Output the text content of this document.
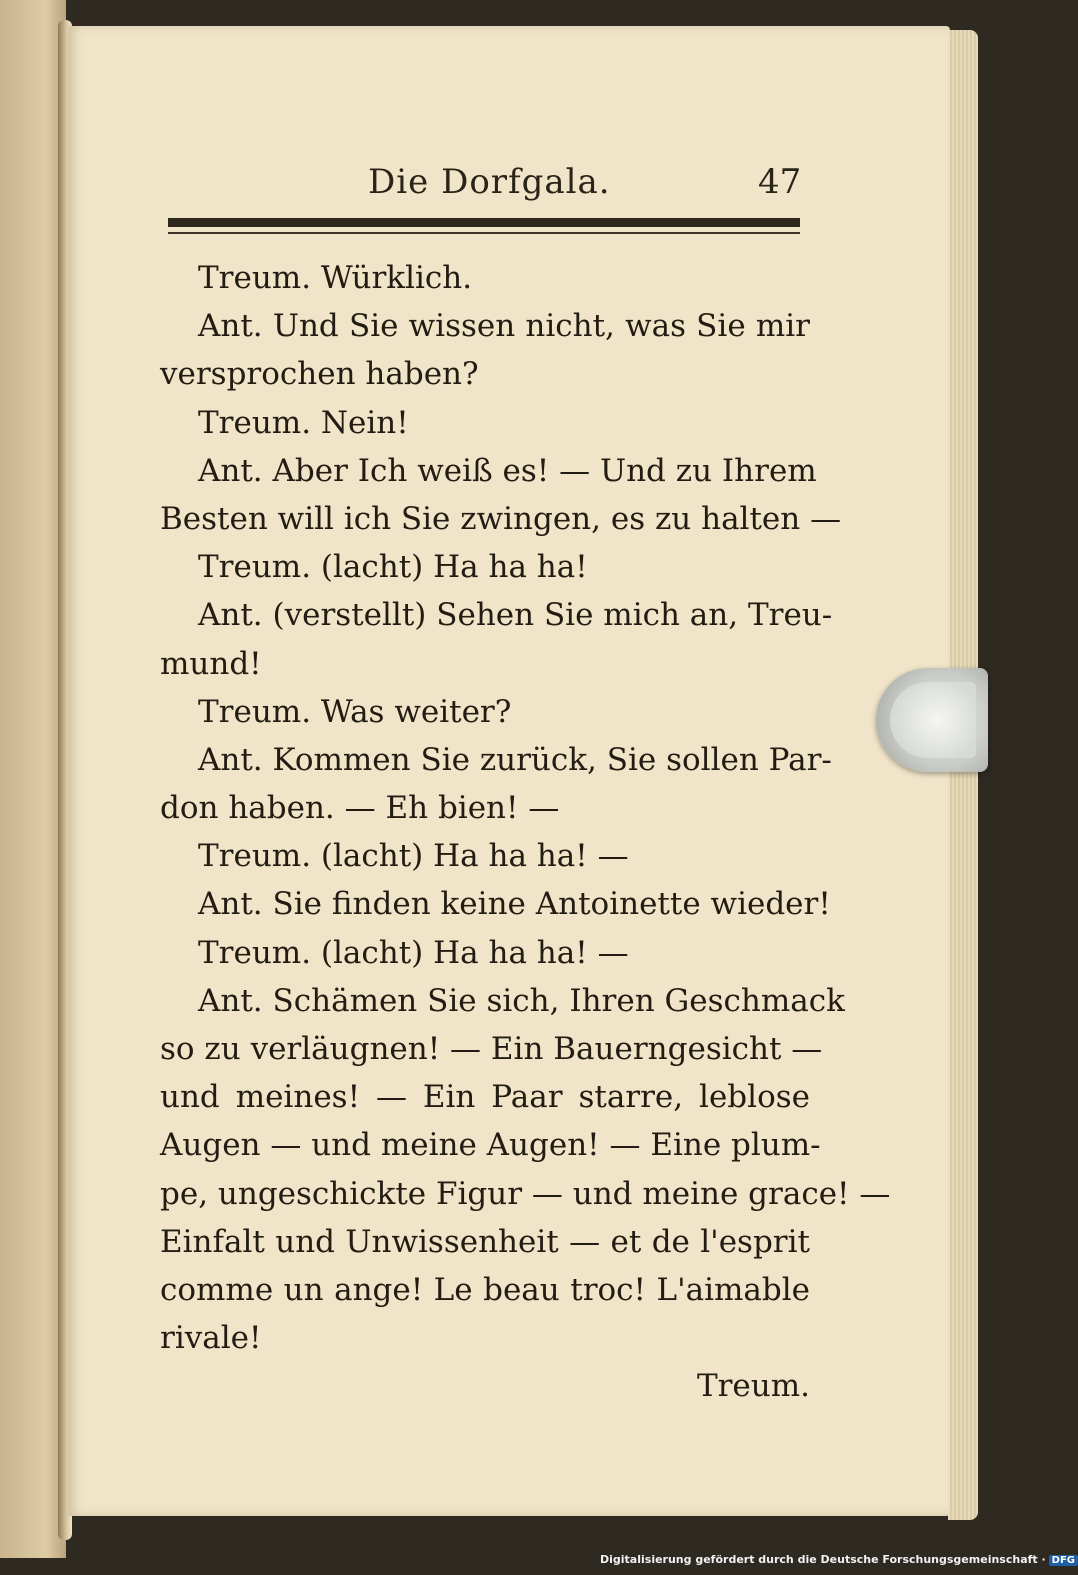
Die Dorfgala.	47
Treum. Würklich.
Ant. Und Sie wissen nicht, was Sie mir
versprochen haben?
Treum. Nein!
Ant. Aber Ich weiß es! — Und zu Ihrem
Besten will ich Sie zwingen, es zu halten —
Treum. (lacht) Ha ha ha!
Ant. (verstellt) Sehen Sie mich an, Treu-
mund!
Treum. Was weiter?
Ant. Kommen Sie zurück, Sie sollen Par-
don haben. — Eh bien! —
Treum. (lacht) Ha ha ha! —
Ant. Sie finden keine Antoinette wieder!
Treum. (lacht) Ha ha ha! —
Ant. Schämen Sie sich, Ihren Geschmack
so zu verläugnen! — Ein Bauerngesicht —
und meines! — Ein Paar starre, leblose
Augen — und meine Augen! — Eine plum-
pe, ungeschickte Figur — und meine grace! —
Einfalt und Unwissenheit — et de l'esprit
comme un ange! Le beau troc! L'aimable
rivale!
Treum.
Digitalisierung gefördert durch die Deutsche Forschungsgemeinschaft · DFG
